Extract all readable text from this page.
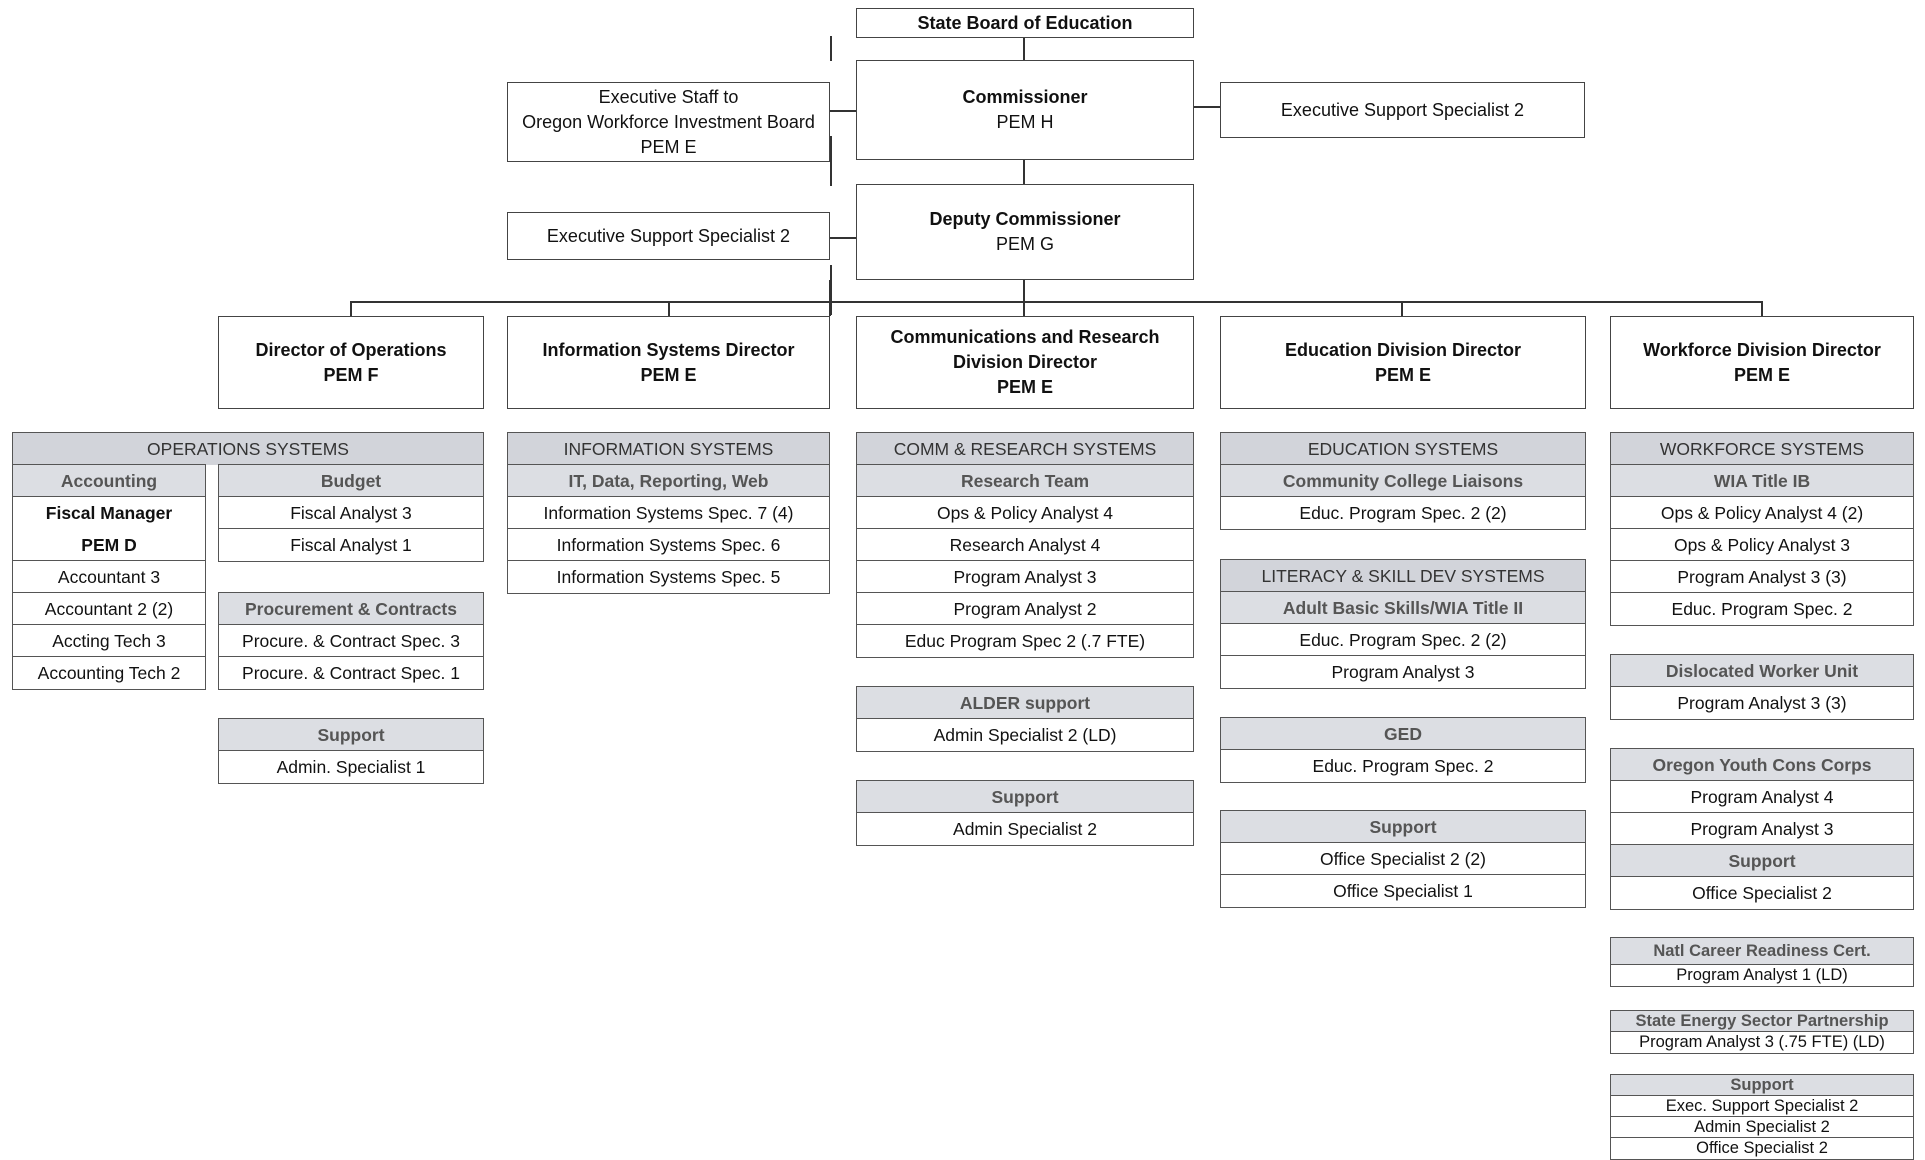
State Board of Education
Commissioner
PEM H
Executive Staff to
Oregon Workforce Investment Board
PEM E
Executive Support Specialist 2
Executive Support Specialist 2
Deputy Commissioner
PEM G
Director of Operations
PEM F
Information Systems Director
PEM E
Communications and Research
Division Director
PEM E
Education Division Director
PEM E
Workforce Division Director
PEM E
OPERATIONS SYSTEMS
Accounting
Fiscal Manager
PEM D
Accountant 3
Accountant 2 (2)
Accting Tech 3
Accounting Tech 2
Budget
Fiscal Analyst 3
Fiscal Analyst 1
Procurement & Contracts
Procure. & Contract Spec. 3
Procure. & Contract Spec. 1
Support
Admin. Specialist 1
INFORMATION SYSTEMS
IT, Data, Reporting, Web
Information Systems Spec. 7 (4)
Information Systems Spec. 6
Information Systems Spec. 5
COMM & RESEARCH SYSTEMS
Research Team
Ops & Policy Analyst 4
Research Analyst 4
Program Analyst 3
Program Analyst 2
Educ Program Spec 2 (.7 FTE)
ALDER support
Admin Specialist 2 (LD)
Support
Admin Specialist 2
EDUCATION SYSTEMS
Community College Liaisons
Educ. Program Spec. 2 (2)
LITERACY & SKILL DEV SYSTEMS
Adult Basic Skills/WIA Title II
Educ. Program Spec. 2 (2)
Program Analyst 3
GED
Educ. Program Spec. 2
Support
Office Specialist 2 (2)
Office Specialist 1
WORKFORCE SYSTEMS
WIA Title IB
Ops & Policy Analyst 4 (2)
Ops & Policy Analyst 3
Program Analyst 3 (3)
Educ. Program Spec. 2
Dislocated Worker Unit
Program Analyst 3 (3)
Oregon Youth Cons Corps
Program Analyst 4
Program Analyst 3
Support
Office Specialist 2
Natl Career Readiness Cert.
Program Analyst 1 (LD)
State Energy Sector Partnership
Program Analyst 3 (.75 FTE) (LD)
Support
Exec. Support Specialist 2
Admin Specialist 2
Office Specialist 2
